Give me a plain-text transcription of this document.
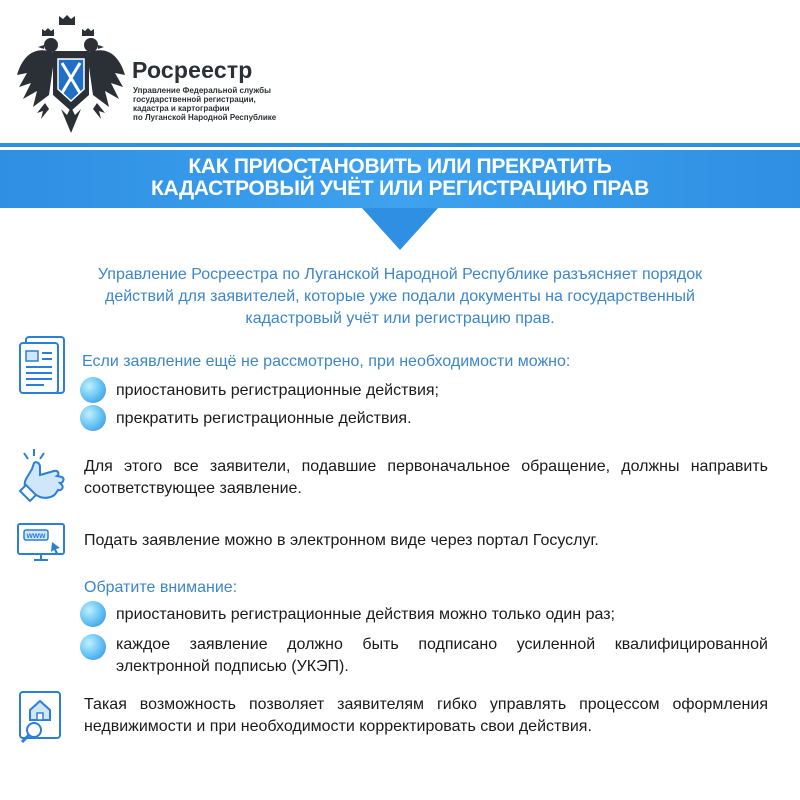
Росреестр
Управление Федеральной службы
государственной регистрации,
кадастра и картографии
по Луганской Народной Республике
КАК ПРИОСТАНОВИТЬ ИЛИ ПРЕКРАТИТЬ
КАДАСТРОВЫЙ УЧЁТ ИЛИ РЕГИСТРАЦИЮ ПРАВ
Управление Росреестра по Луганской Народной Республике разъясняет порядок
действий для заявителей, которые уже подали документы на государственный
кадастровый учёт или регистрацию прав.
Если заявление ещё не рассмотрено, при необходимости можно:
приостановить регистрационные действия;
прекратить регистрационные действия.
Для этого все заявители, подавшие первоначальное обращение, должны направить соответствующее заявление.
www Подать заявление можно в электронном виде через портал Госуслуг.
Обратите внимание:
приостановить регистрационные действия можно только один раз;
каждое заявление должно быть подписано усиленной квалифицированной электронной подписью (УКЭП).
Такая возможность позволяет заявителям гибко управлять процессом оформления недвижимости и при необходимости корректировать свои действия.
